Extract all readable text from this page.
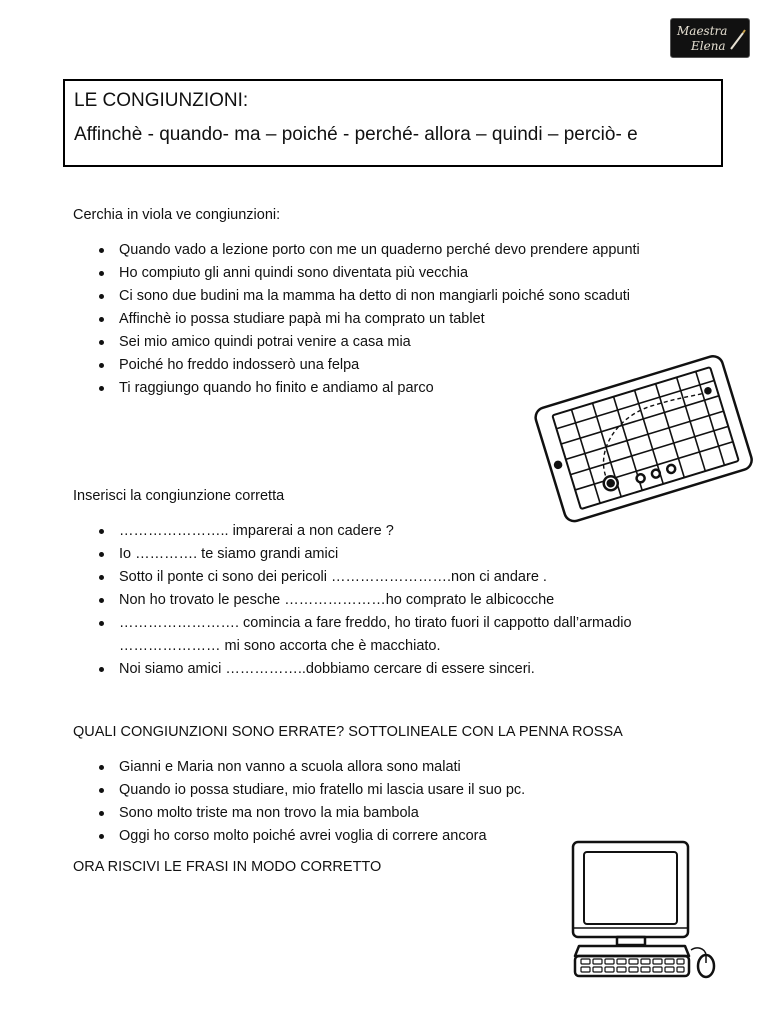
Maestra
Elena
LE CONGIUNZIONI:
Affinchè - quando- ma – poiché - perché- allora – quindi – perciò- e
Cerchia in viola ve congiunzioni:
Quando vado a lezione porto con me un quaderno perché devo prendere appunti
Ho compiuto gli anni quindi sono diventata più vecchia
Ci sono due budini ma la mamma ha detto di non mangiarli poiché sono scaduti
Affinchè io possa studiare papà mi ha comprato un tablet
Sei mio amico quindi potrai venire a casa mia
Poiché ho freddo indosserò una felpa
Ti raggiungo quando ho finito e andiamo al parco
Inserisci la congiunzione corretta
………………….. imparerai a non cadere ?
Io …………. te siamo grandi amici
Sotto il ponte ci sono dei pericoli …………………….non ci andare .
Non ho trovato le pesche …………………ho comprato le albicocche
……………………. comincia a fare freddo, ho tirato fuori il cappotto dall’armadio ………………… mi sono accorta che è macchiato.
Noi siamo amici ……………..dobbiamo cercare di essere sinceri.
QUALI CONGIUNZIONI SONO ERRATE? SOTTOLINEALE CON LA PENNA ROSSA
Gianni e Maria non vanno a scuola allora sono malati
Quando io possa studiare, mio fratello mi lascia usare il suo pc.
Sono molto triste ma non trovo la mia bambola
Oggi ho corso molto poiché avrei voglia di correre ancora
ORA RISCIVI LE FRASI IN MODO CORRETTO
